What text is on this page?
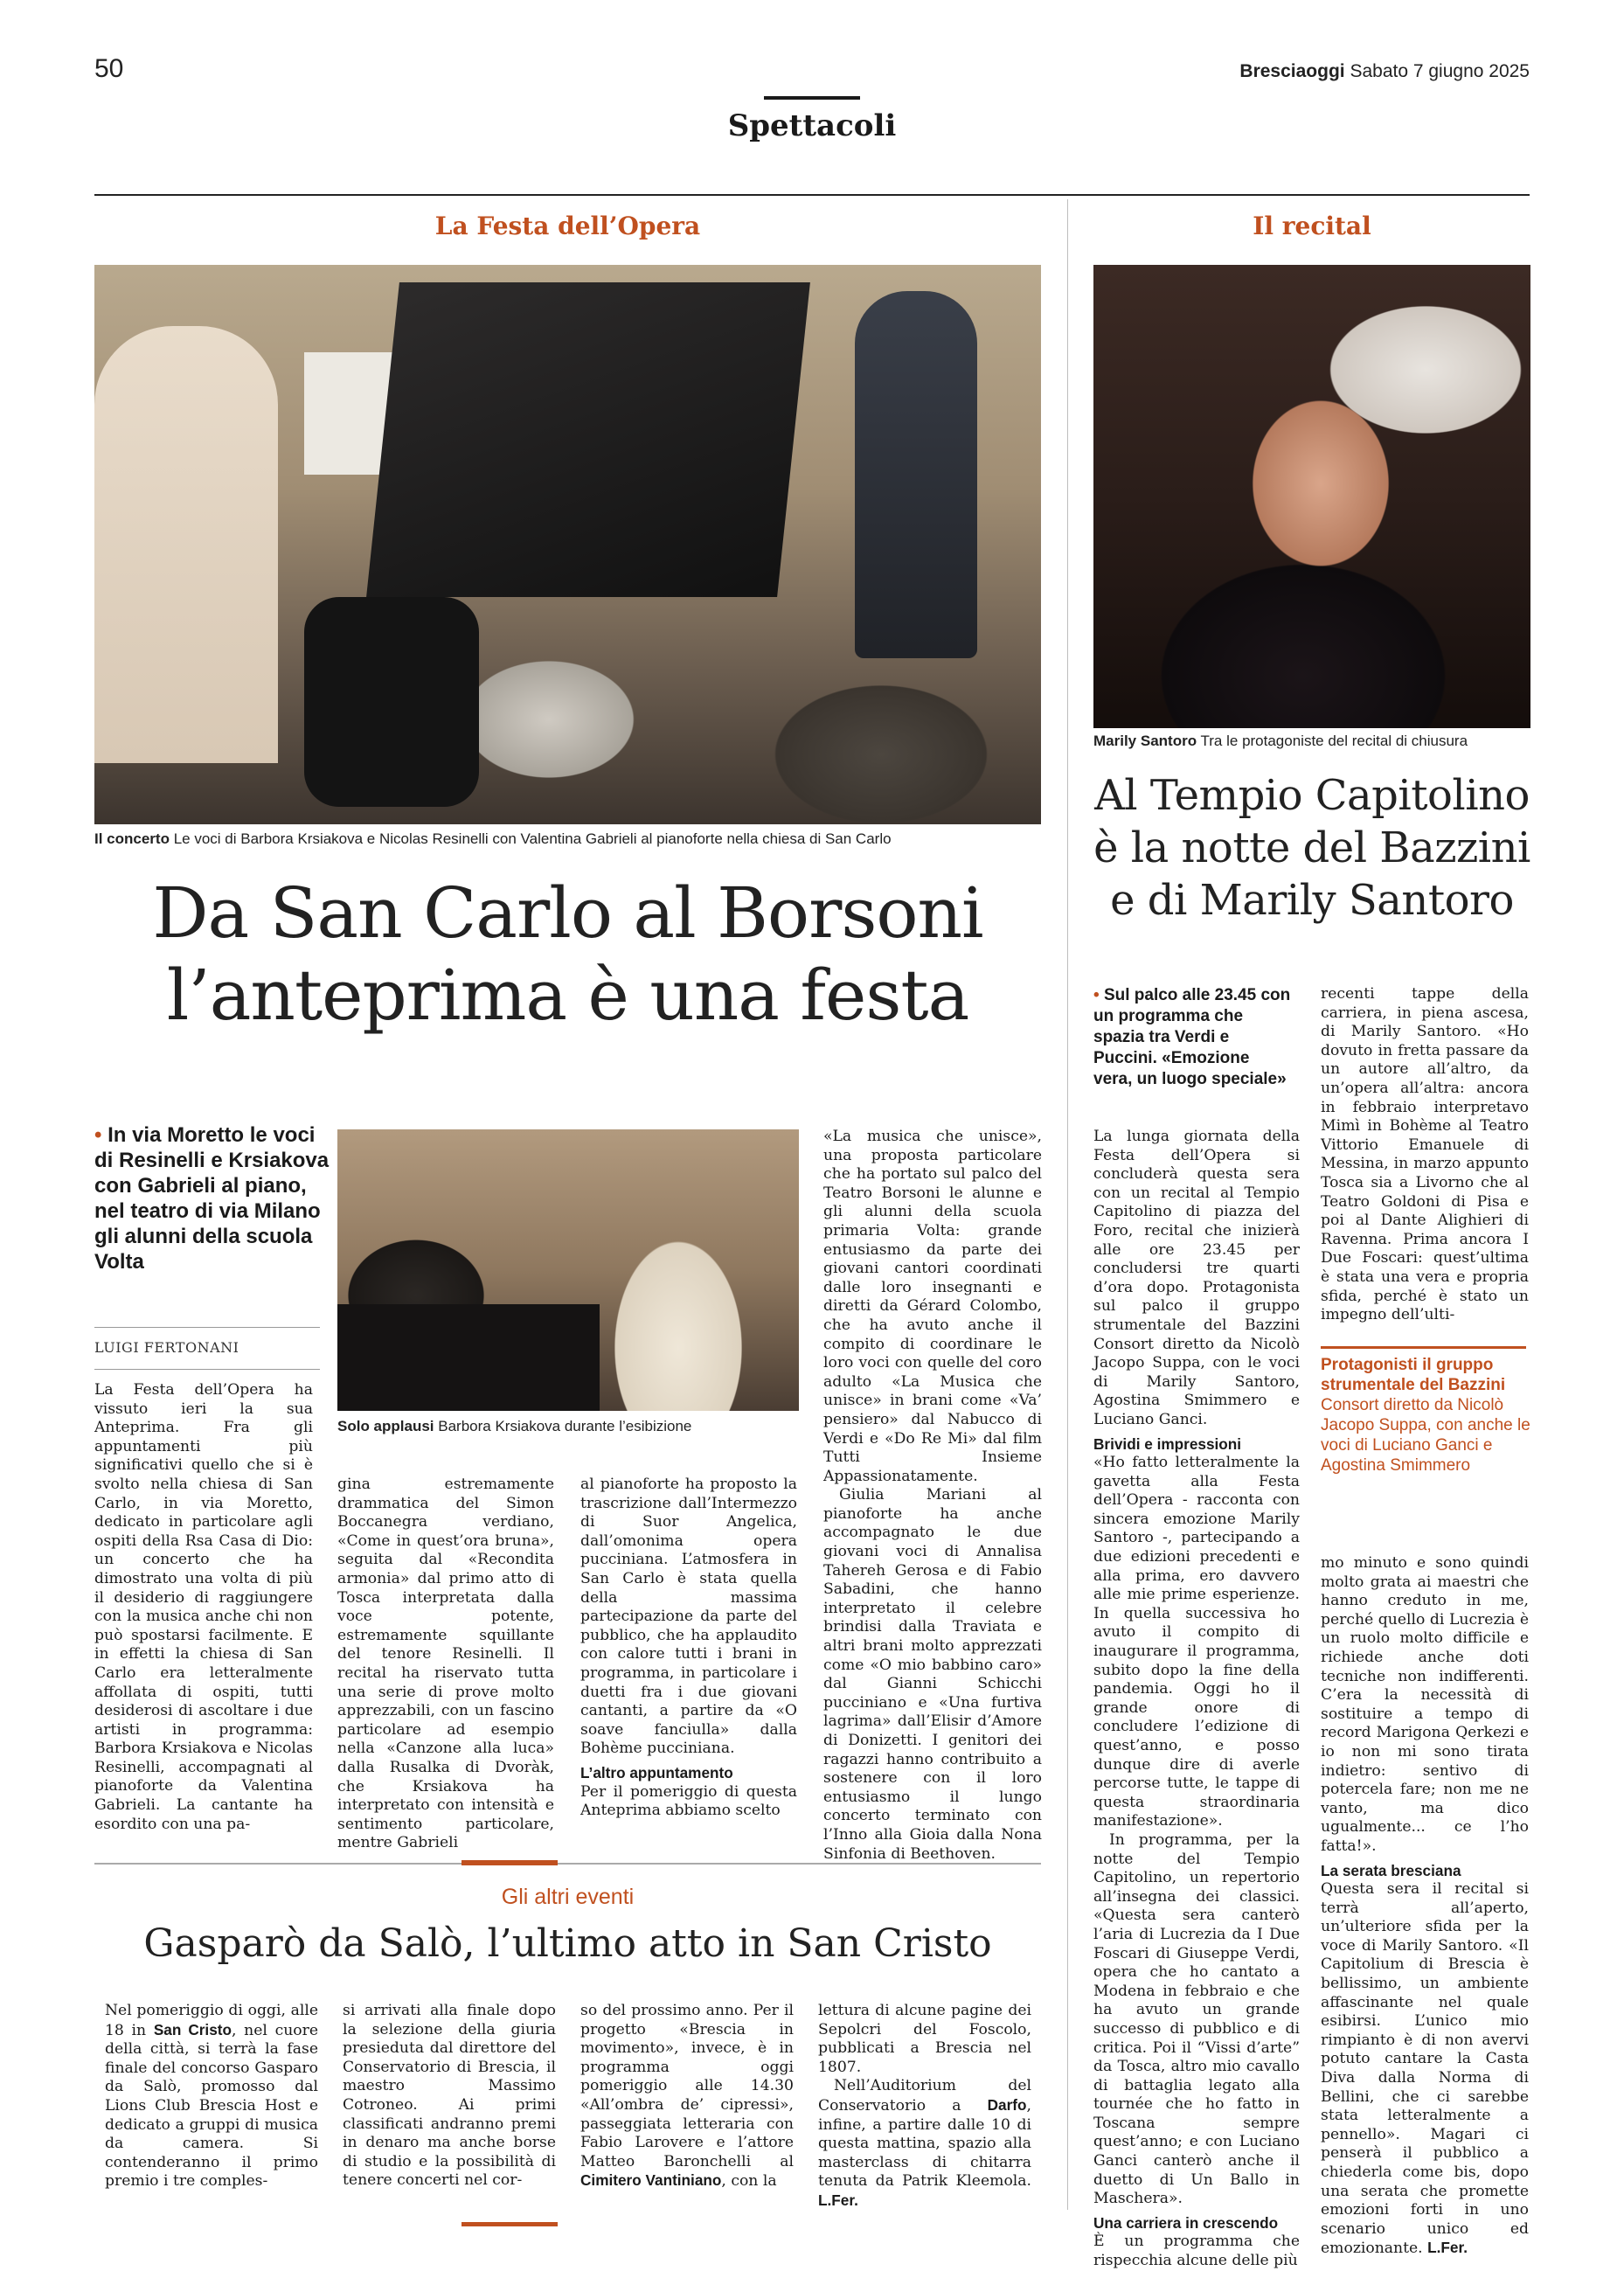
50	Bresciaoggi Sabato 7 giugno 2025
Spettacoli
La Festa dell’Opera
Il concerto Le voci di Barbora Krsiakova e Nicolas Resinelli con Valentina Gabrieli al pianoforte nella chiesa di San Carlo
Da San Carlo al Borsoni
l’anteprima è una festa
• In via Moretto le voci di Resinelli e Krsiakova con Gabrieli al piano, nel teatro di via Milano gli alunni della scuola Volta
LUIGI FERTONANI

La Festa dell’Opera ha vissuto ieri la sua Anteprima. Fra gli appuntamenti più significativi quello che si è svolto nella chiesa di San Carlo, in via Moretto, dedicato in particolare agli ospiti della Rsa Casa di Dio: un concerto che ha dimostrato una volta di più il desiderio di raggiungere con la musica anche chi non può spostarsi facilmente. E in effetti la chiesa di San Carlo era letteralmente affollata di ospiti, tutti desiderosi di ascoltare i due artisti in programma: Barbora Krsiakova e Nicolas Resinelli, accompagnati al pianoforte da Valentina Gabrieli. La cantante ha esordito con una pa-

Solo applausi Barbora Krsiakova durante l’esibizione

gina estremamente drammatica del Simon Boccanegra verdiano, «Come in quest’ora bruna», seguita dal «Recondita armonia» dal primo atto di Tosca interpretata dalla voce potente, estremamente squillante del tenore Resinelli. Il recital ha riservato tutta una serie di prove molto apprezzabili, con un fascino particolare ad esempio nella «Canzone alla luca» dalla Rusalka di Dvoràk, che Krsiakova ha interpretato con intensità e sentimento particolare, mentre Gabrieli

al pianoforte ha proposto la trascrizione dall’Intermezzo di Suor Angelica, dall’omonima opera pucciniana. L’atmosfera in San Carlo è stata quella della massima partecipazione da parte del pubblico, che ha applaudito con calore tutti i brani in programma, in particolare i duetti fra i due giovani cantanti, a partire da «O soave fanciulla» dalla Bohème pucciniana.

L’altro appuntamento

Per il pomeriggio di questa Anteprima abbiamo scelto

«La musica che unisce», una proposta particolare che ha portato sul palco del Teatro Borsoni le alunne e gli alunni della scuola primaria Volta: grande entusiasmo da parte dei giovani cantori coordinati dalle loro insegnanti e diretti da Gérard Colombo, che ha avuto anche il compito di coordinare le loro voci con quelle del coro adulto «La Musica che unisce» in brani come «Va’ pensiero» dal Nabucco di Verdi e «Do Re Mi» dal film Tutti Insieme Appassionatamente.

Giulia Mariani al pianoforte ha anche accompagnato le due giovani voci di Annalisa Tahereh Gerosa e di Fabio Sabadini, che hanno interpretato il celebre brindisi dalla Traviata e altri brani molto apprezzati come «O mio babbino caro» dal Gianni Schicchi pucciniano e «Una furtiva lagrima» dall’Elisir d’Amore di Donizetti. I genitori dei ragazzi hanno contribuito a sostenere con il loro entusiasmo il lungo concerto terminato con l’Inno alla Gioia dalla Nona Sinfonia di Beethoven.

Il recital
Marily Santoro Tra le protagoniste del recital di chiusura
Al Tempio Capitolino
è la notte del Bazzini
e di Marily Santoro
• Sul palco alle 23.45 con un programma che spazia tra Verdi e Puccini. «Emozione vera, un luogo speciale»

La lunga giornata della Festa dell’Opera si concluderà questa sera con un recital al Tempio Capitolino di piazza del Foro, recital che inizierà alle ore 23.45 per concludersi tre quarti d’ora dopo. Protagonista sul palco il gruppo strumentale del Bazzini Consort diretto da Nicolò Jacopo Suppa, con le voci di Marily Santoro, Agostina Smimmero e Luciano Ganci.

Brividi e impressioni

«Ho fatto letteralmente la gavetta alla Festa dell’Opera - racconta con sincera emozione Marily Santoro -, partecipando a due edizioni precedenti e alla prima, ero davvero alle mie prime esperienze. In quella successiva ho avuto il compito di inaugurare il programma, subito dopo la fine della pandemia. Oggi ho il grande onore di concludere l’edizione di quest’anno, e posso dunque dire di averle percorse tutte, le tappe di questa straordinaria manifestazione».

In programma, per la notte del Tempio Capitolino, un repertorio all’insegna dei classici. «Questa sera canterò l’aria di Lucrezia da I Due Foscari di Giuseppe Verdi, opera che ho cantato a Modena in febbraio e che ha avuto un grande successo di pubblico e di critica. Poi il “Vissi d’arte” da Tosca, altro mio cavallo di battaglia legato alla tournée che ho fatto in Toscana sempre quest’anno; e con Luciano Ganci canterò anche il duetto di Un Ballo in Maschera».

Una carriera in crescendo

È un programma che rispecchia alcune delle più

recenti tappe della carriera, in piena ascesa, di Marily Santoro. «Ho dovuto in fretta passare da un autore all’altro, da un’opera all’altra: ancora in febbraio interpretavo Mimì in Bohème al Teatro Vittorio Emanuele di Messina, in marzo appunto Tosca sia a Livorno che al Teatro Goldoni di Pisa e poi al Dante Alighieri di Ravenna. Prima ancora I Due Foscari: quest’ultima è stata una vera e propria sfida, perché è stato un impegno dell’ulti-

Protagonisti il gruppo strumentale del Bazzini Consort diretto da Nicolò Jacopo Suppa, con anche le voci di Luciano Ganci e Agostina Smimmero

mo minuto e sono quindi molto grata ai maestri che hanno creduto in me, perché quello di Lucrezia è un ruolo molto difficile e richiede anche doti tecniche non indifferenti. C’era la necessità di sostituire a tempo di record Marigona Qerkezi e io non mi sono tirata indietro: sentivo di potercela fare; non me ne vanto, ma dico ugualmente... ce l’ho fatta!».

La serata bresciana

Questa sera il recital si terrà all’aperto, un’ulteriore sfida per la voce di Marily Santoro. «Il Capitolium di Brescia è bellissimo, un ambiente affascinante nel quale esibirsi. L’unico mio rimpianto è di non avervi potuto cantare la Casta Diva dalla Norma di Bellini, che ci sarebbe stata letteralmente a pennello». Magari ci penserà il pubblico a chiederla come bis, dopo una serata che promette emozioni forti in uno scenario unico ed emozionante. L.Fer.

Gli altri eventi
Gasparò da Salò, l’ultimo atto in San Cristo

Nel pomeriggio di oggi, alle 18 in San Cristo, nel cuore della città, si terrà la fase finale del concorso Gasparo da Salò, promosso dal Lions Club Brescia Host e dedicato a gruppi di musica da camera. Si contenderanno il primo premio i tre comples-

si arrivati alla finale dopo la selezione della giuria presieduta dal direttore del Conservatorio di Brescia, il maestro Massimo Cotroneo. Ai primi classificati andranno premi in denaro ma anche borse di studio e la possibilità di tenere concerti nel cor-

so del prossimo anno. Per il progetto «Brescia in movimento», invece, è in programma oggi pomeriggio alle 14.30 «All’ombra de’ cipressi», passeggiata letteraria con Fabio Larovere e l’attore Matteo Baronchelli al Cimitero Vantiniano, con la

lettura di alcune pagine dei Sepolcri del Foscolo, pubblicati a Brescia nel 1807.

Nell’Auditorium del Conservatorio a Darfo, infine, a partire dalle 10 di questa mattina, spazio alla masterclass di chitarra tenuta da Patrik Kleemola. L.Fer.
